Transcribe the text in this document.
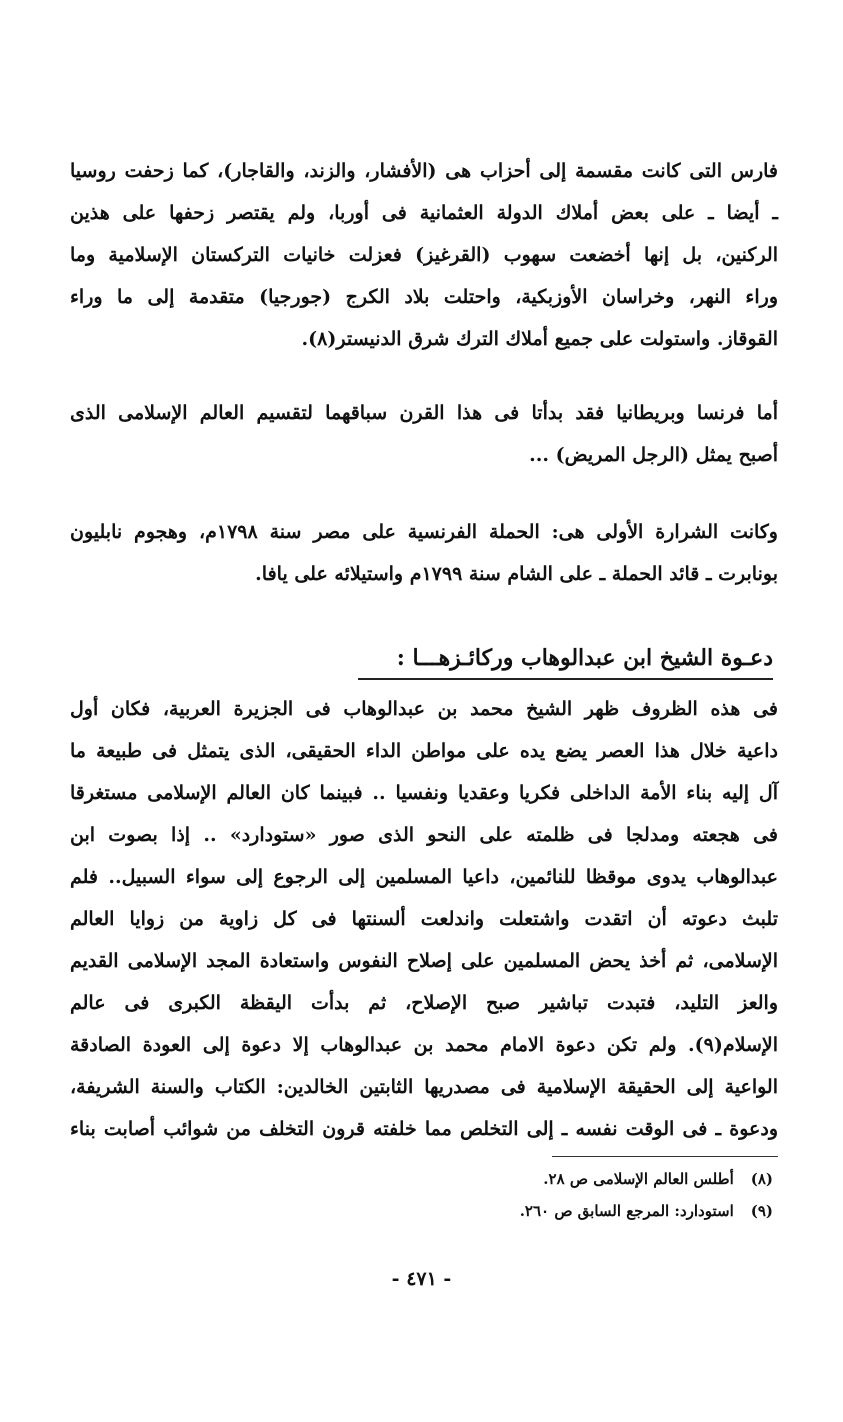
فارس التى كانت مقسمة إلى أحزاب هى (الأفشار، والزند، والقاجار)، كما زحفت روسيا
ـ أيضا ـ على بعض أملاك الدولة العثمانية فى أوربا، ولم يقتصر زحفها على هذين
الركنين، بل إنها أخضعت سهوب (القرغيز) فعزلت خانيات التركستان الإسلامية وما
وراء النهر، وخراسان الأوزبكية، واحتلت بلاد الكرج (جورجيا) متقدمة إلى ما وراء
القوقاز. واستولت على جميع أملاك الترك شرق الدنيستر(٨).
أما فرنسا وبريطانيا فقد بدأتا فى هذا القرن سباقهما لتقسيم العالم الإسلامى الذى
أصبح يمثل (الرجل المريض) ...
وكانت الشرارة الأولى هى: الحملة الفرنسية على مصر سنة ١٧٩٨م، وهجوم نابليون
بونابرت ـ قائد الحملة ـ على الشام سنة ١٧٩٩م واستيلائه على يافا.
دعـوة الشيخ ابن عبدالوهاب وركائـزهـــا :
فى هذه الظروف ظهر الشيخ محمد بن عبدالوهاب فى الجزيرة العربية، فكان أول
داعية خلال هذا العصر يضع يده على مواطن الداء الحقيقى، الذى يتمثل فى طبيعة ما
آل إليه بناء الأمة الداخلى فكريا وعقديا ونفسيا .. فبينما كان العالم الإسلامى مستغرقا
فى هجعته ومدلجا فى ظلمته على النحو الذى صور «ستودارد» .. إذا بصوت ابن
عبدالوهاب يدوى موقظا للنائمين، داعيا المسلمين إلى الرجوع إلى سواء السبيل.. فلم
تلبث دعوته أن اتقدت واشتعلت واندلعت ألسنتها فى كل زاوية من زوايا العالم
الإسلامى، ثم أخذ يحض المسلمين على إصلاح النفوس واستعادة المجد الإسلامى القديم
والعز التليد، فتبدت تباشير صبح الإصلاح، ثم بدأت اليقظة الكبرى فى عالم
الإسلام(٩). ولم تكن دعوة الامام محمد بن عبدالوهاب إلا دعوة إلى العودة الصادقة
الواعية إلى الحقيقة الإسلامية فى مصدريها الثابتين الخالدين: الكتاب والسنة الشريفة،
ودعوة ـ فى الوقت نفسه ـ إلى التخلص مما خلفته قرون التخلف من شوائب أصابت بناء
(٨) أطلس العالم الإسلامى ص ٢٨.
(٩) استودارد: المرجع السابق ص ٢٦٠.
- ٤٧١ -
